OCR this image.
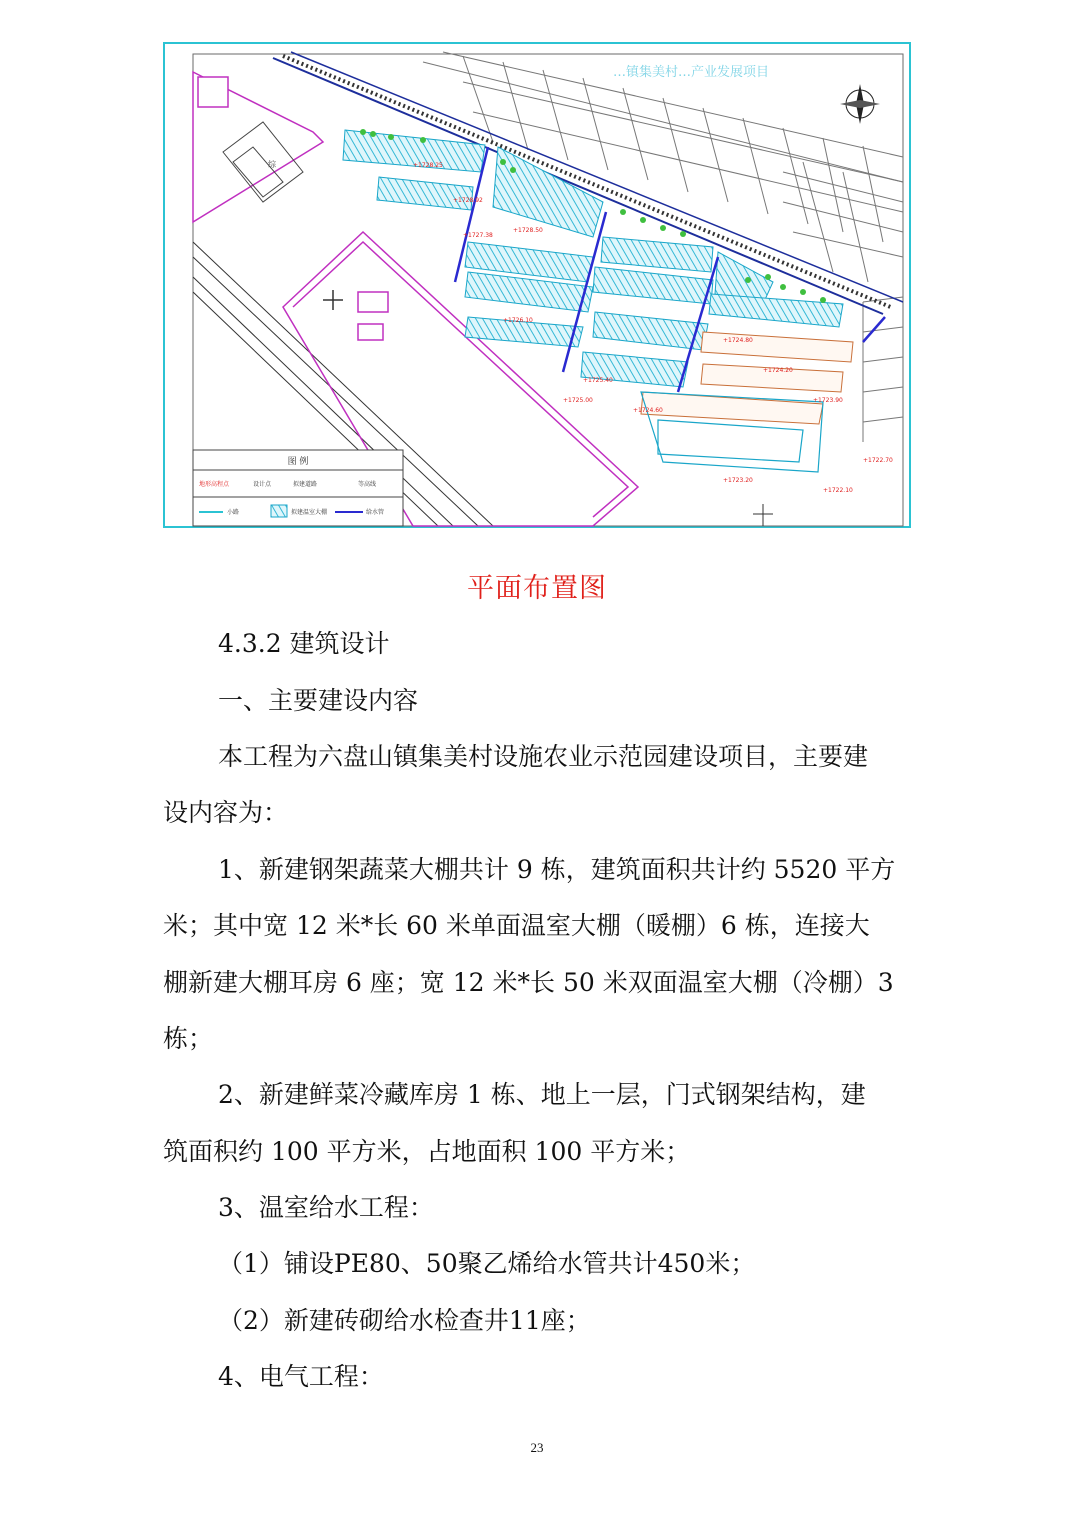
…镇集美村…产业发展项目
综	+1728.25
+1728.92
+1727.38
+1728.50
+1726.10
+1725.40
+1724.80
+1724.20
+1723.90
+1722.70
+1722.10
+1723.20
+1725.00
+1724.60
图 例
地形高程点	设计点	拟建道路	等高线
小路	拟建温室大棚	给水管
平面布置图
4.3.2 建筑设计
一、主要建设内容
本工程为六盘山镇集美村设施农业示范园建设项目，主要建
设内容为：
1、新建钢架蔬菜大棚共计 9 栋，建筑面积共计约 5520 平方
米；其中宽 12 米*长 60 米单面温室大棚（暖棚）6 栋，连接大
棚新建大棚耳房 6 座；宽 12 米*长 50 米双面温室大棚（冷棚）3
栋；
2、新建鲜菜冷藏库房 1 栋、地上一层，门式钢架结构，建
筑面积约 100 平方米，占地面积 100 平方米；
3、温室给水工程：
（1）铺设PE80、50聚乙烯给水管共计450米；
（2）新建砖砌给水检查井11座；
4、电气工程：
23
